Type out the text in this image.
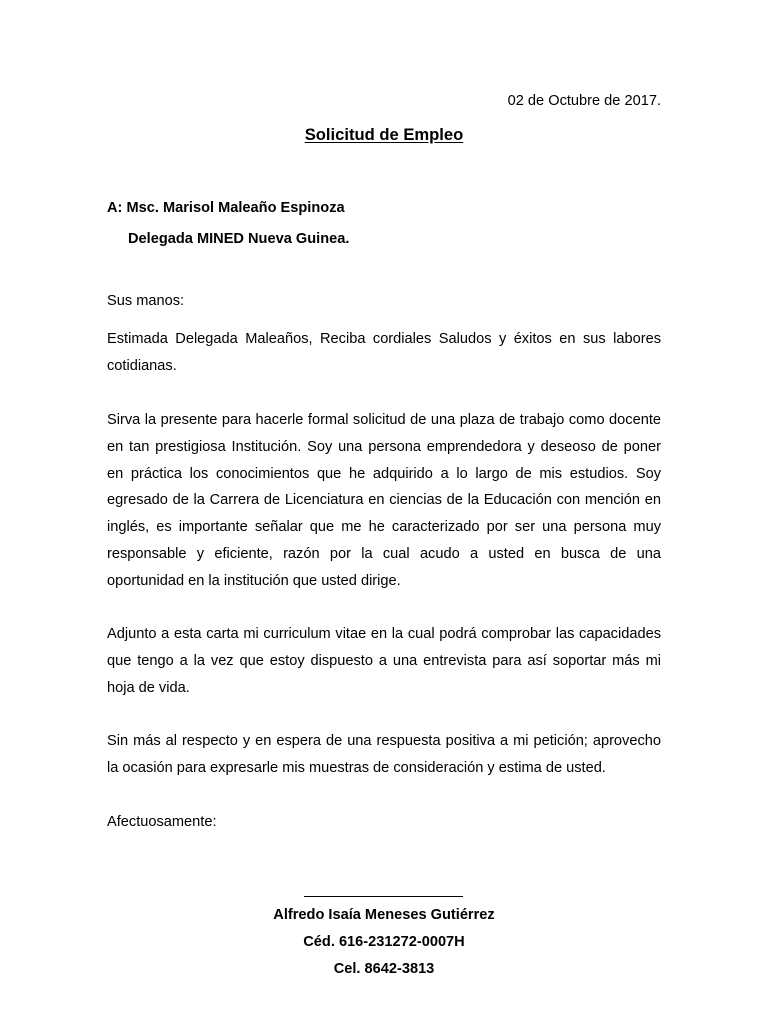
02 de Octubre de 2017.

Solicitud de Empleo

A: Msc. Marisol Maleaño Espinoza

Delegada MINED Nueva Guinea.

Sus manos:

Estimada Delegada Maleaños, Reciba cordiales Saludos y éxitos en sus labores cotidianas.

Sirva la presente para hacerle formal solicitud de una plaza de trabajo como docente en tan prestigiosa Institución. Soy una persona emprendedora y deseoso de poner en práctica los conocimientos que he adquirido a lo largo de mis estudios. Soy egresado de la Carrera de Licenciatura en ciencias de la Educación con mención en inglés, es importante señalar que me he caracterizado por ser una persona muy responsable y eficiente, razón por la cual acudo a usted en busca de una oportunidad en la institución que usted dirige.

Adjunto a esta carta mi curriculum vitae en la cual podrá comprobar las capacidades que tengo a la vez que estoy dispuesto a una entrevista para así soportar más mi hoja de vida.

Sin más al respecto y en espera de una respuesta positiva a mi petición; aprovecho la ocasión para expresarle mis muestras de consideración y estima de usted.

Afectuosamente:

Alfredo Isaía Meneses Gutiérrez

Céd. 616-231272-0007H

Cel. 8642-3813
